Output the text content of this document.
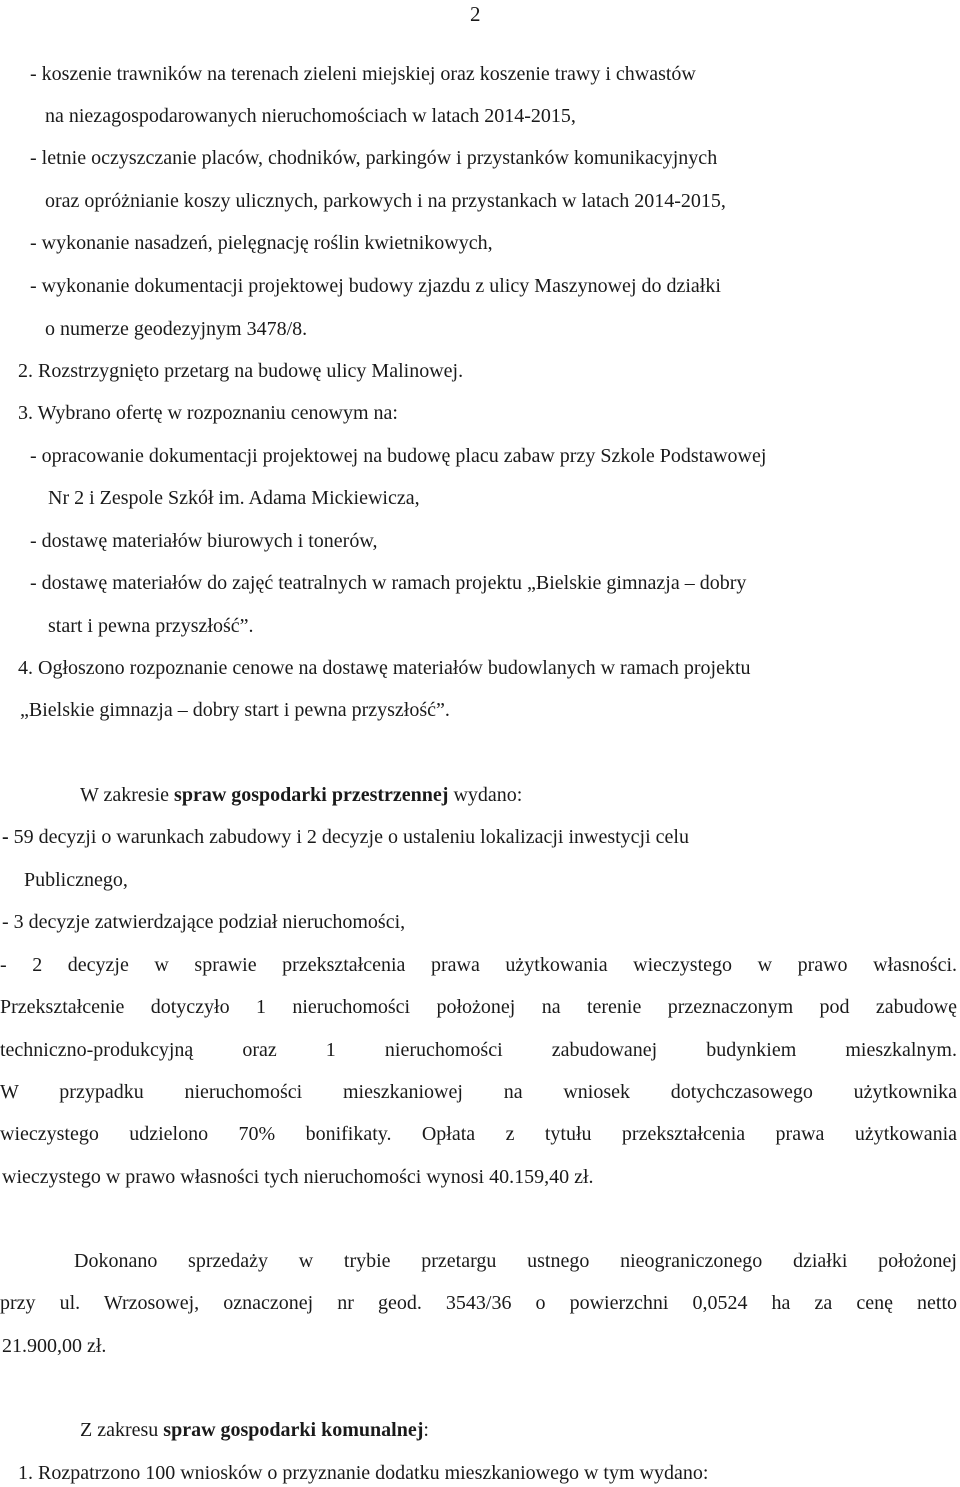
2
- koszenie trawników na terenach zieleni miejskiej oraz koszenie trawy i chwastów
na niezagospodarowanych nieruchomościach w latach 2014-2015,
- letnie oczyszczanie placów, chodników, parkingów i przystanków komunikacyjnych
oraz opróżnianie koszy ulicznych, parkowych i na przystankach w latach 2014-2015,
- wykonanie nasadzeń, pielęgnację roślin kwietnikowych,
- wykonanie dokumentacji projektowej budowy zjazdu z ulicy Maszynowej do działki
o numerze geodezyjnym 3478/8.
2. Rozstrzygnięto przetarg na budowę ulicy Malinowej.
3. Wybrano ofertę w rozpoznaniu cenowym na:
- opracowanie dokumentacji projektowej na budowę placu zabaw przy Szkole Podstawowej
Nr 2 i Zespole Szkół im. Adama Mickiewicza,
- dostawę materiałów biurowych i tonerów,
- dostawę materiałów do zajęć teatralnych w ramach projektu „Bielskie gimnazja – dobry
start i pewna przyszłość”.
4. Ogłoszono rozpoznanie cenowe na dostawę materiałów budowlanych w ramach projektu
„Bielskie gimnazja – dobry start i pewna przyszłość”.
W zakresie spraw gospodarki przestrzennej wydano:
- 59 decyzji o warunkach zabudowy i 2 decyzje o ustaleniu lokalizacji inwestycji celu
Publicznego,
- 3 decyzje zatwierdzające podział nieruchomości,
- 2 decyzje w sprawie przekształcenia prawa użytkowania wieczystego w prawo własności.
Przekształcenie dotyczyło 1 nieruchomości położonej na terenie przeznaczonym pod zabudowę
techniczno-produkcyjną oraz 1 nieruchomości zabudowanej budynkiem mieszkalnym.
W przypadku nieruchomości mieszkaniowej na wniosek dotychczasowego użytkownika
wieczystego udzielono 70% bonifikaty. Opłata z tytułu przekształcenia prawa użytkowania
wieczystego w prawo własności tych nieruchomości wynosi 40.159,40 zł.
Dokonano sprzedaży w trybie przetargu ustnego nieograniczonego działki położonej
przy ul. Wrzosowej, oznaczonej nr geod. 3543/36 o powierzchni 0,0524 ha za cenę netto
21.900,00 zł.
Z zakresu spraw gospodarki komunalnej:
1. Rozpatrzono 100 wniosków o przyznanie dodatku mieszkaniowego w tym wydano:
